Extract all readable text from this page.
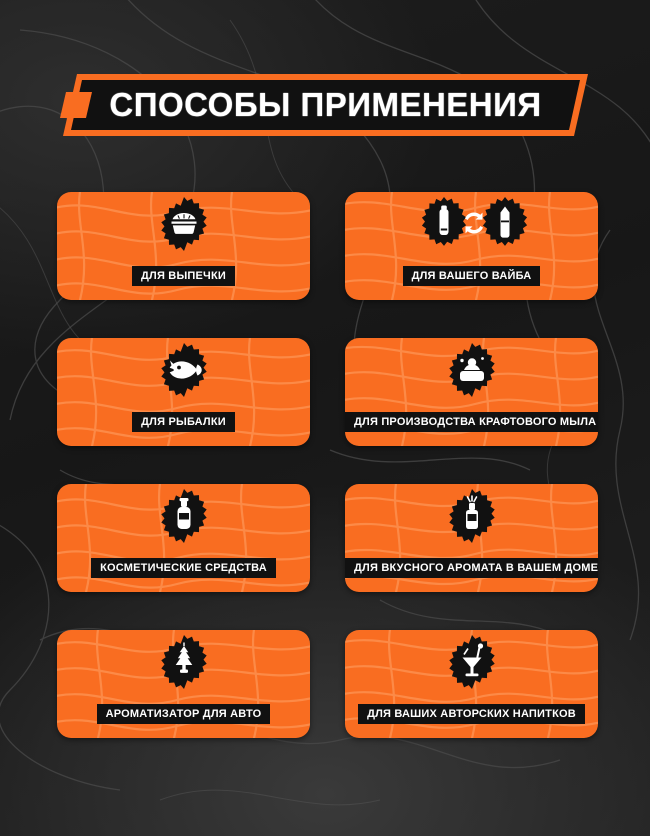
СПОСОБЫ ПРИМЕНЕНИЯ
ДЛЯ ВЫПЕЧКИ	ДЛЯ ВАШЕГО ВАЙБА
ДЛЯ РЫБАЛКИ	ДЛЯ ПРОИЗВОДСТВА КРАФТОВОГО МЫЛА
КОСМЕТИЧЕСКИЕ СРЕДСТВА	ДЛЯ ВКУСНОГО АРОМАТА В ВАШЕМ ДОМЕ
АРОМАТИЗАТОР ДЛЯ АВТО	ДЛЯ ВАШИХ АВТОРСКИХ НАПИТКОВ
